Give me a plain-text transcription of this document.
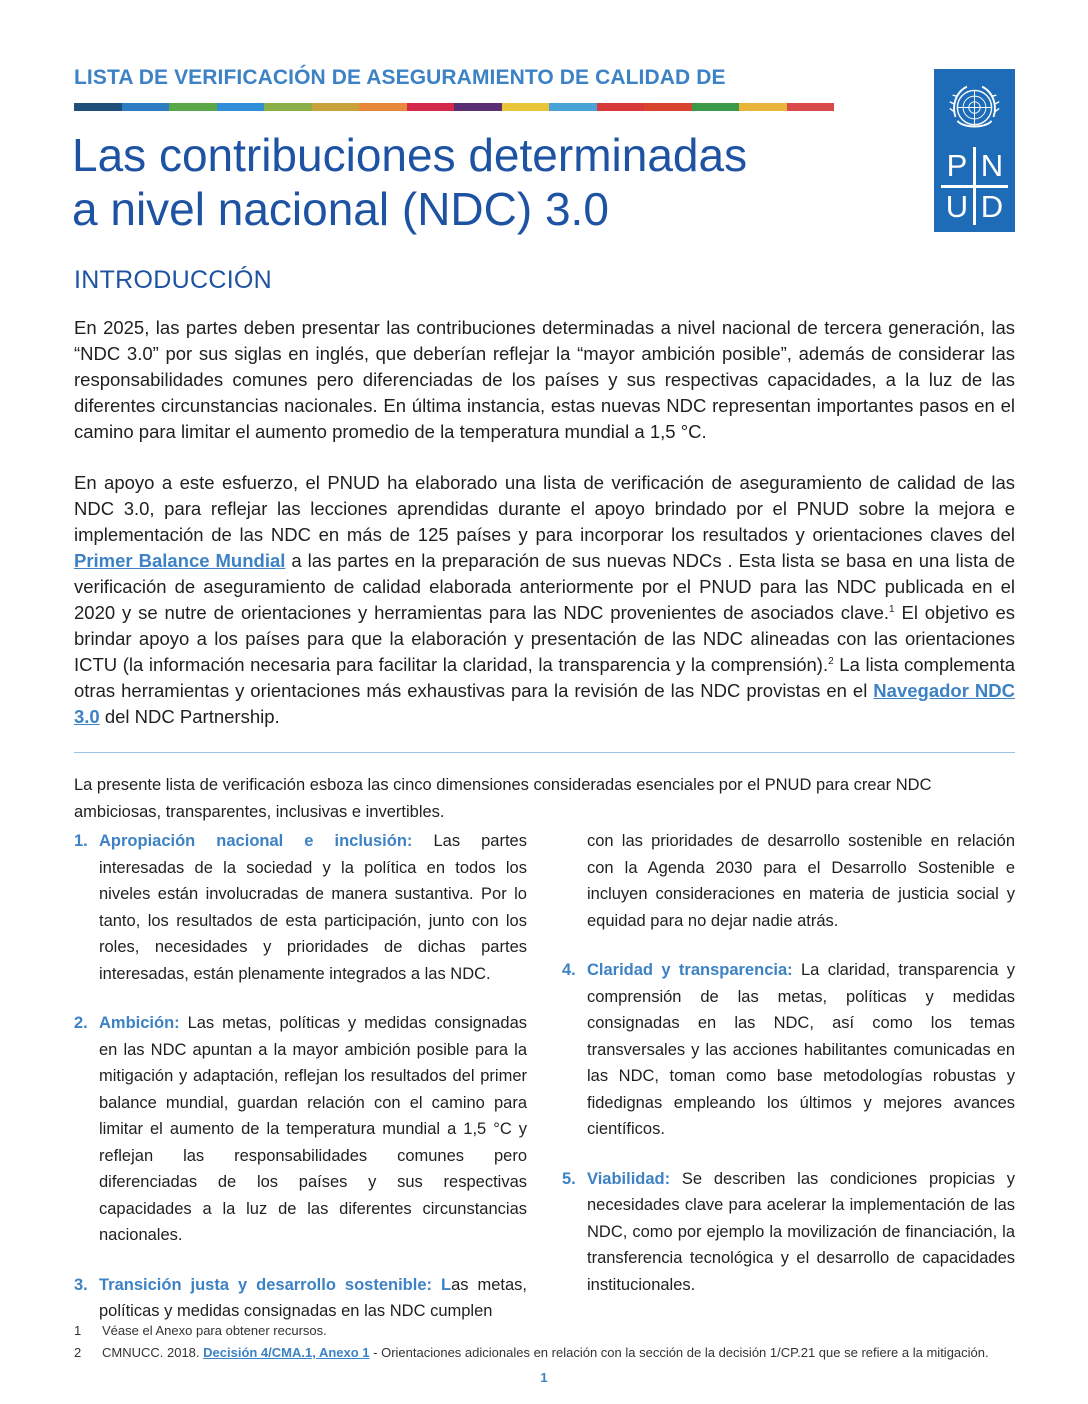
LISTA DE VERIFICACIÓN DE ASEGURAMIENTO DE CALIDAD DE
Las contribuciones determinadas
a nivel nacional (NDC) 3.0
P N
U D
INTRODUCCIÓN

En 2025, las partes deben presentar las contribuciones determinadas a nivel nacional de tercera generación, las “NDC 3.0” por sus siglas en inglés, que deberían reflejar la “mayor ambición posible”, además de considerar las responsabilidades comunes pero diferenciadas de los países y sus respectivas capacidades, a la luz de las diferentes circunstancias nacionales. En última instancia, estas nuevas NDC representan importantes pasos en el camino para limitar el aumento promedio de la temperatura mundial a 1,5 °C.

En apoyo a este esfuerzo, el PNUD ha elaborado una lista de verificación de aseguramiento de calidad de las NDC 3.0, para reflejar las lecciones aprendidas durante el apoyo brindado por el PNUD sobre la mejora e implementación de las NDC en más de 125 países y para incorporar los resultados y orientaciones claves del Primer Balance Mundial a las partes en la preparación de sus nuevas NDCs . Esta lista se basa en una lista de verificación de aseguramiento de calidad elaborada anteriormente por el PNUD para las NDC publicada en el 2020 y se nutre de orientaciones y herramientas para las NDC provenientes de asociados clave.$^1$ El objetivo es brindar apoyo a los países para que la elaboración y presentación de las NDC alineadas con las orientaciones ICTU (la información necesaria para facilitar la claridad, la transparencia y la comprensión).$^2$ La lista complementa otras herramientas y orientaciones más exhaustivas para la revisión de las NDC provistas en el Navegador NDC 3.0 del NDC Partnership.

La presente lista de verificación esboza las cinco dimensiones consideradas esenciales por el PNUD para crear NDC ambiciosas, transparentes, inclusivas e invertibles.
1. Apropiación nacional e inclusión: Las partes interesadas de la sociedad y la política en todos los niveles están involucradas de manera sustantiva. Por lo tanto, los resultados de esta participación, junto con los roles, necesidades y prioridades de dichas partes interesadas, están plenamente integrados a las NDC.
2. Ambición: Las metas, políticas y medidas consignadas en las NDC apuntan a la mayor ambición posible para la mitigación y adaptación, reflejan los resultados del primer balance mundial, guardan relación con el camino para limitar el aumento de la temperatura mundial a 1,5 °C y reflejan las responsabilidades comunes pero diferenciadas de los países y sus respectivas capacidades a la luz de las diferentes circunstancias nacionales.
3. Transición justa y desarrollo sostenible: Las metas, políticas y medidas consignadas en las NDC cumplen
con las prioridades de desarrollo sostenible en relación con la Agenda 2030 para el Desarrollo Sostenible e incluyen consideraciones en materia de justicia social y equidad para no dejar nadie atrás.
4. Claridad y transparencia: La claridad, transparencia y comprensión de las metas, políticas y medidas consignadas en las NDC, así como los temas transversales y las acciones habilitantes comunicadas en las NDC, toman como base metodologías robustas y fidedignas empleando los últimos y mejores avances científicos.
5. Viabilidad: Se describen las condiciones propicias y necesidades clave para acelerar la implementación de las NDC, como por ejemplo la movilización de financiación, la transferencia tecnológica y el desarrollo de capacidades institucionales.
1	Véase el Anexo para obtener recursos.
2	CMNUCC. 2018. Decisión 4/CMA.1, Anexo 1 - Orientaciones adicionales en relación con la sección de la decisión 1/CP.21 que se refiere a la mitigación.
1
